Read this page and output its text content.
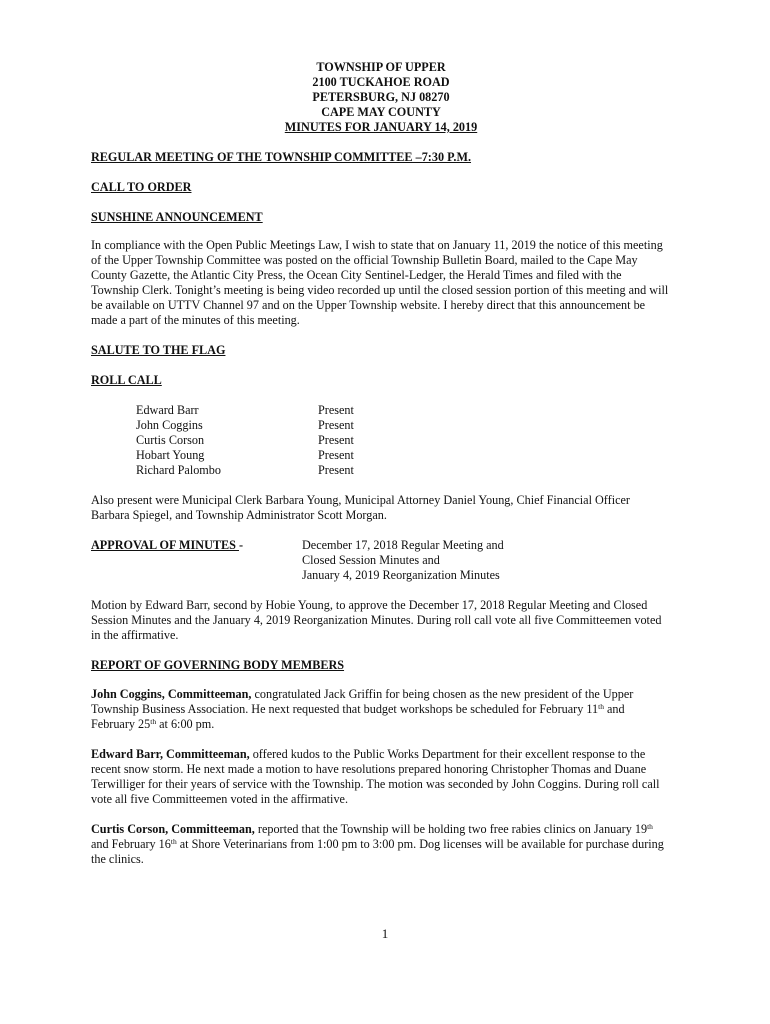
TOWNSHIP OF UPPER
2100 TUCKAHOE ROAD
PETERSBURG, NJ 08270
CAPE MAY COUNTY
MINUTES FOR JANUARY 14, 2019

REGULAR MEETING OF THE TOWNSHIP COMMITTEE –7:30 P.M.

CALL TO ORDER

SUNSHINE ANNOUNCEMENT

In compliance with the Open Public Meetings Law, I wish to state that on January 11, 2019 the notice of this meeting of the Upper Township Committee was posted on the official Township Bulletin Board, mailed to the Cape May County Gazette, the Atlantic City Press, the Ocean City Sentinel-Ledger, the Herald Times and filed with the Township Clerk. Tonight’s meeting is being video recorded up until the closed session portion of this meeting and will be available on UTTV Channel 97 and on the Upper Township website. I hereby direct that this announcement be made a part of the minutes of this meeting.

SALUTE TO THE FLAG

ROLL CALL

Edward Barr	Present
John Coggins	Present
Curtis Corson	Present
Hobart Young	Present
Richard Palombo	Present

Also present were Municipal Clerk Barbara Young, Municipal Attorney Daniel Young, Chief Financial Officer Barbara Spiegel, and Township Administrator Scott Morgan.

APPROVAL OF MINUTES -	December 17, 2018 Regular Meeting and
Closed Session Minutes and
January 4, 2019 Reorganization Minutes

Motion by Edward Barr, second by Hobie Young, to approve the December 17, 2018 Regular Meeting and Closed Session Minutes and the January 4, 2019 Reorganization Minutes. During roll call vote all five Committeemen voted in the affirmative.

REPORT OF GOVERNING BODY MEMBERS

John Coggins, Committeeman, congratulated Jack Griffin for being chosen as the new president of the Upper Township Business Association. He next requested that budget workshops be scheduled for February 11th and February 25th at 6:00 pm.

Edward Barr, Committeeman, offered kudos to the Public Works Department for their excellent response to the recent snow storm. He next made a motion to have resolutions prepared honoring Christopher Thomas and Duane Terwilliger for their years of service with the Township. The motion was seconded by John Coggins. During roll call vote all five Committeemen voted in the affirmative.

Curtis Corson, Committeeman, reported that the Township will be holding two free rabies clinics on January 19th and February 16th at Shore Veterinarians from 1:00 pm to 3:00 pm. Dog licenses will be available for purchase during the clinics.

1
